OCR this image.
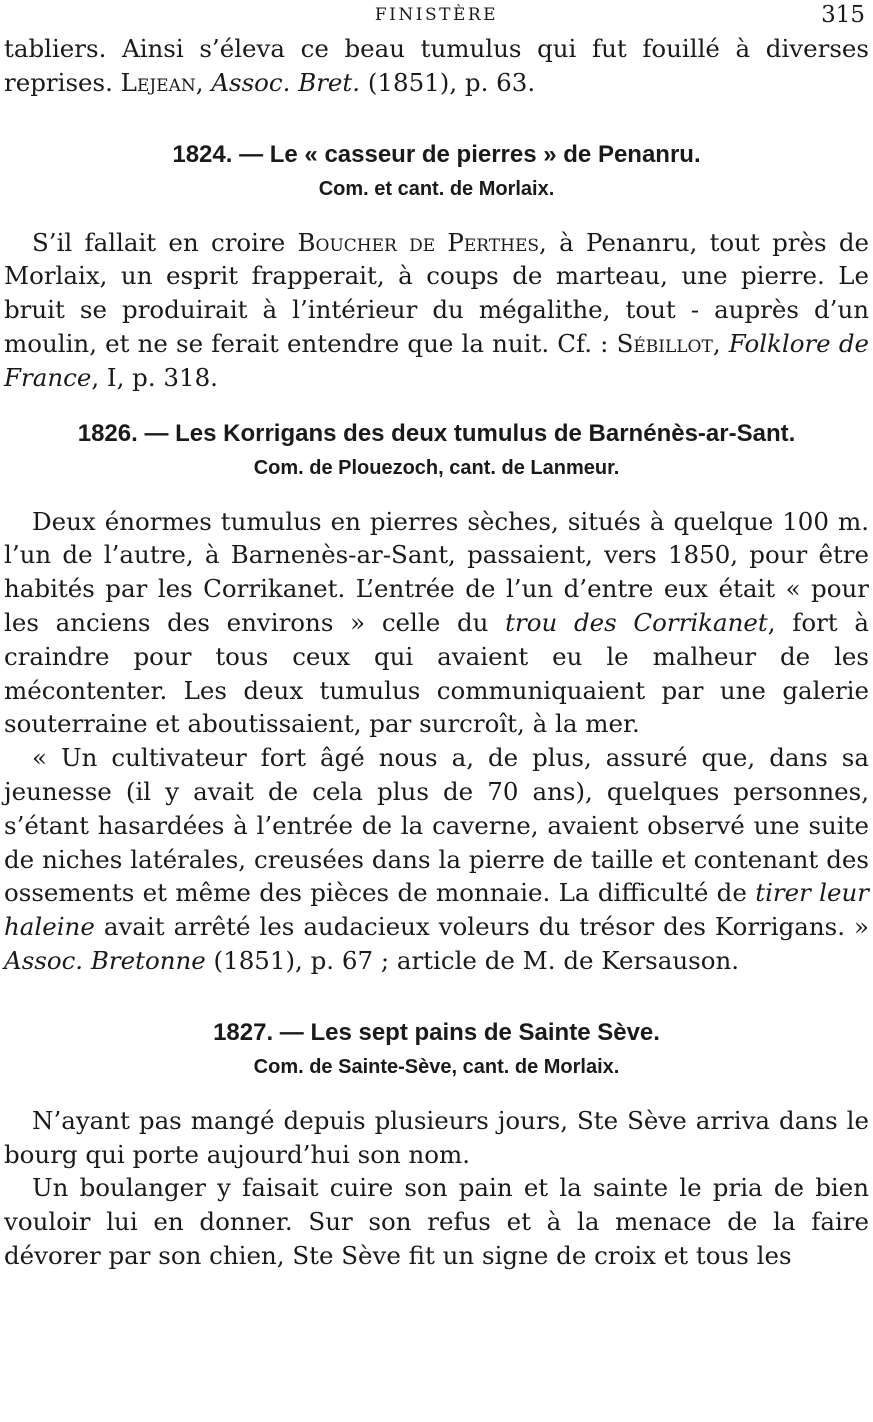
FINISTÈRE	315

tabliers. Ainsi s’éleva ce beau tumulus qui fut fouillé à diverses reprises. Lejean, Assoc. Bret. (1851), p. 63.

1824. — Le « casseur de pierres » de Penanru.
Com. et cant. de Morlaix.

S’il fallait en croire Boucher de Perthes, à Penanru, tout près de Morlaix, un esprit frapperait, à coups de marteau, une pierre. Le bruit se produirait à l’intérieur du mégalithe, tout - auprès d’un moulin, et ne se ferait entendre que la nuit. Cf. : Sébillot, Folklore de France, I, p. 318.

1826. — Les Korrigans des deux tumulus de Barnénès-ar-Sant.
Com. de Plouezoch, cant. de Lanmeur.

Deux énormes tumulus en pierres sèches, situés à quelque 100 m. l’un de l’autre, à Barnenès-ar-Sant, passaient, vers 1850, pour être habités par les Corrikanet. L’entrée de l’un d’entre eux était « pour les anciens des environs » celle du trou des Corrikanet, fort à craindre pour tous ceux qui avaient eu le malheur de les mécontenter. Les deux tumulus communiquaient par une galerie souterraine et aboutissaient, par surcroît, à la mer.

« Un cultivateur fort âgé nous a, de plus, assuré que, dans sa jeunesse (il y avait de cela plus de 70 ans), quelques personnes, s’étant hasardées à l’entrée de la caverne, avaient observé une suite de niches latérales, creusées dans la pierre de taille et contenant des ossements et même des pièces de monnaie. La difficulté de tirer leur haleine avait arrêté les audacieux voleurs du trésor des Korrigans. » Assoc. Bretonne (1851), p. 67 ; article de M. de Kersauson.

1827. — Les sept pains de Sainte Sève.
Com. de Sainte-Sève, cant. de Morlaix.

N’ayant pas mangé depuis plusieurs jours, Ste Sève arriva dans le bourg qui porte aujourd’hui son nom.

Un boulanger y faisait cuire son pain et la sainte le pria de bien vouloir lui en donner. Sur son refus et à la menace de la faire dévorer par son chien, Ste Sève fit un signe de croix et tous les
